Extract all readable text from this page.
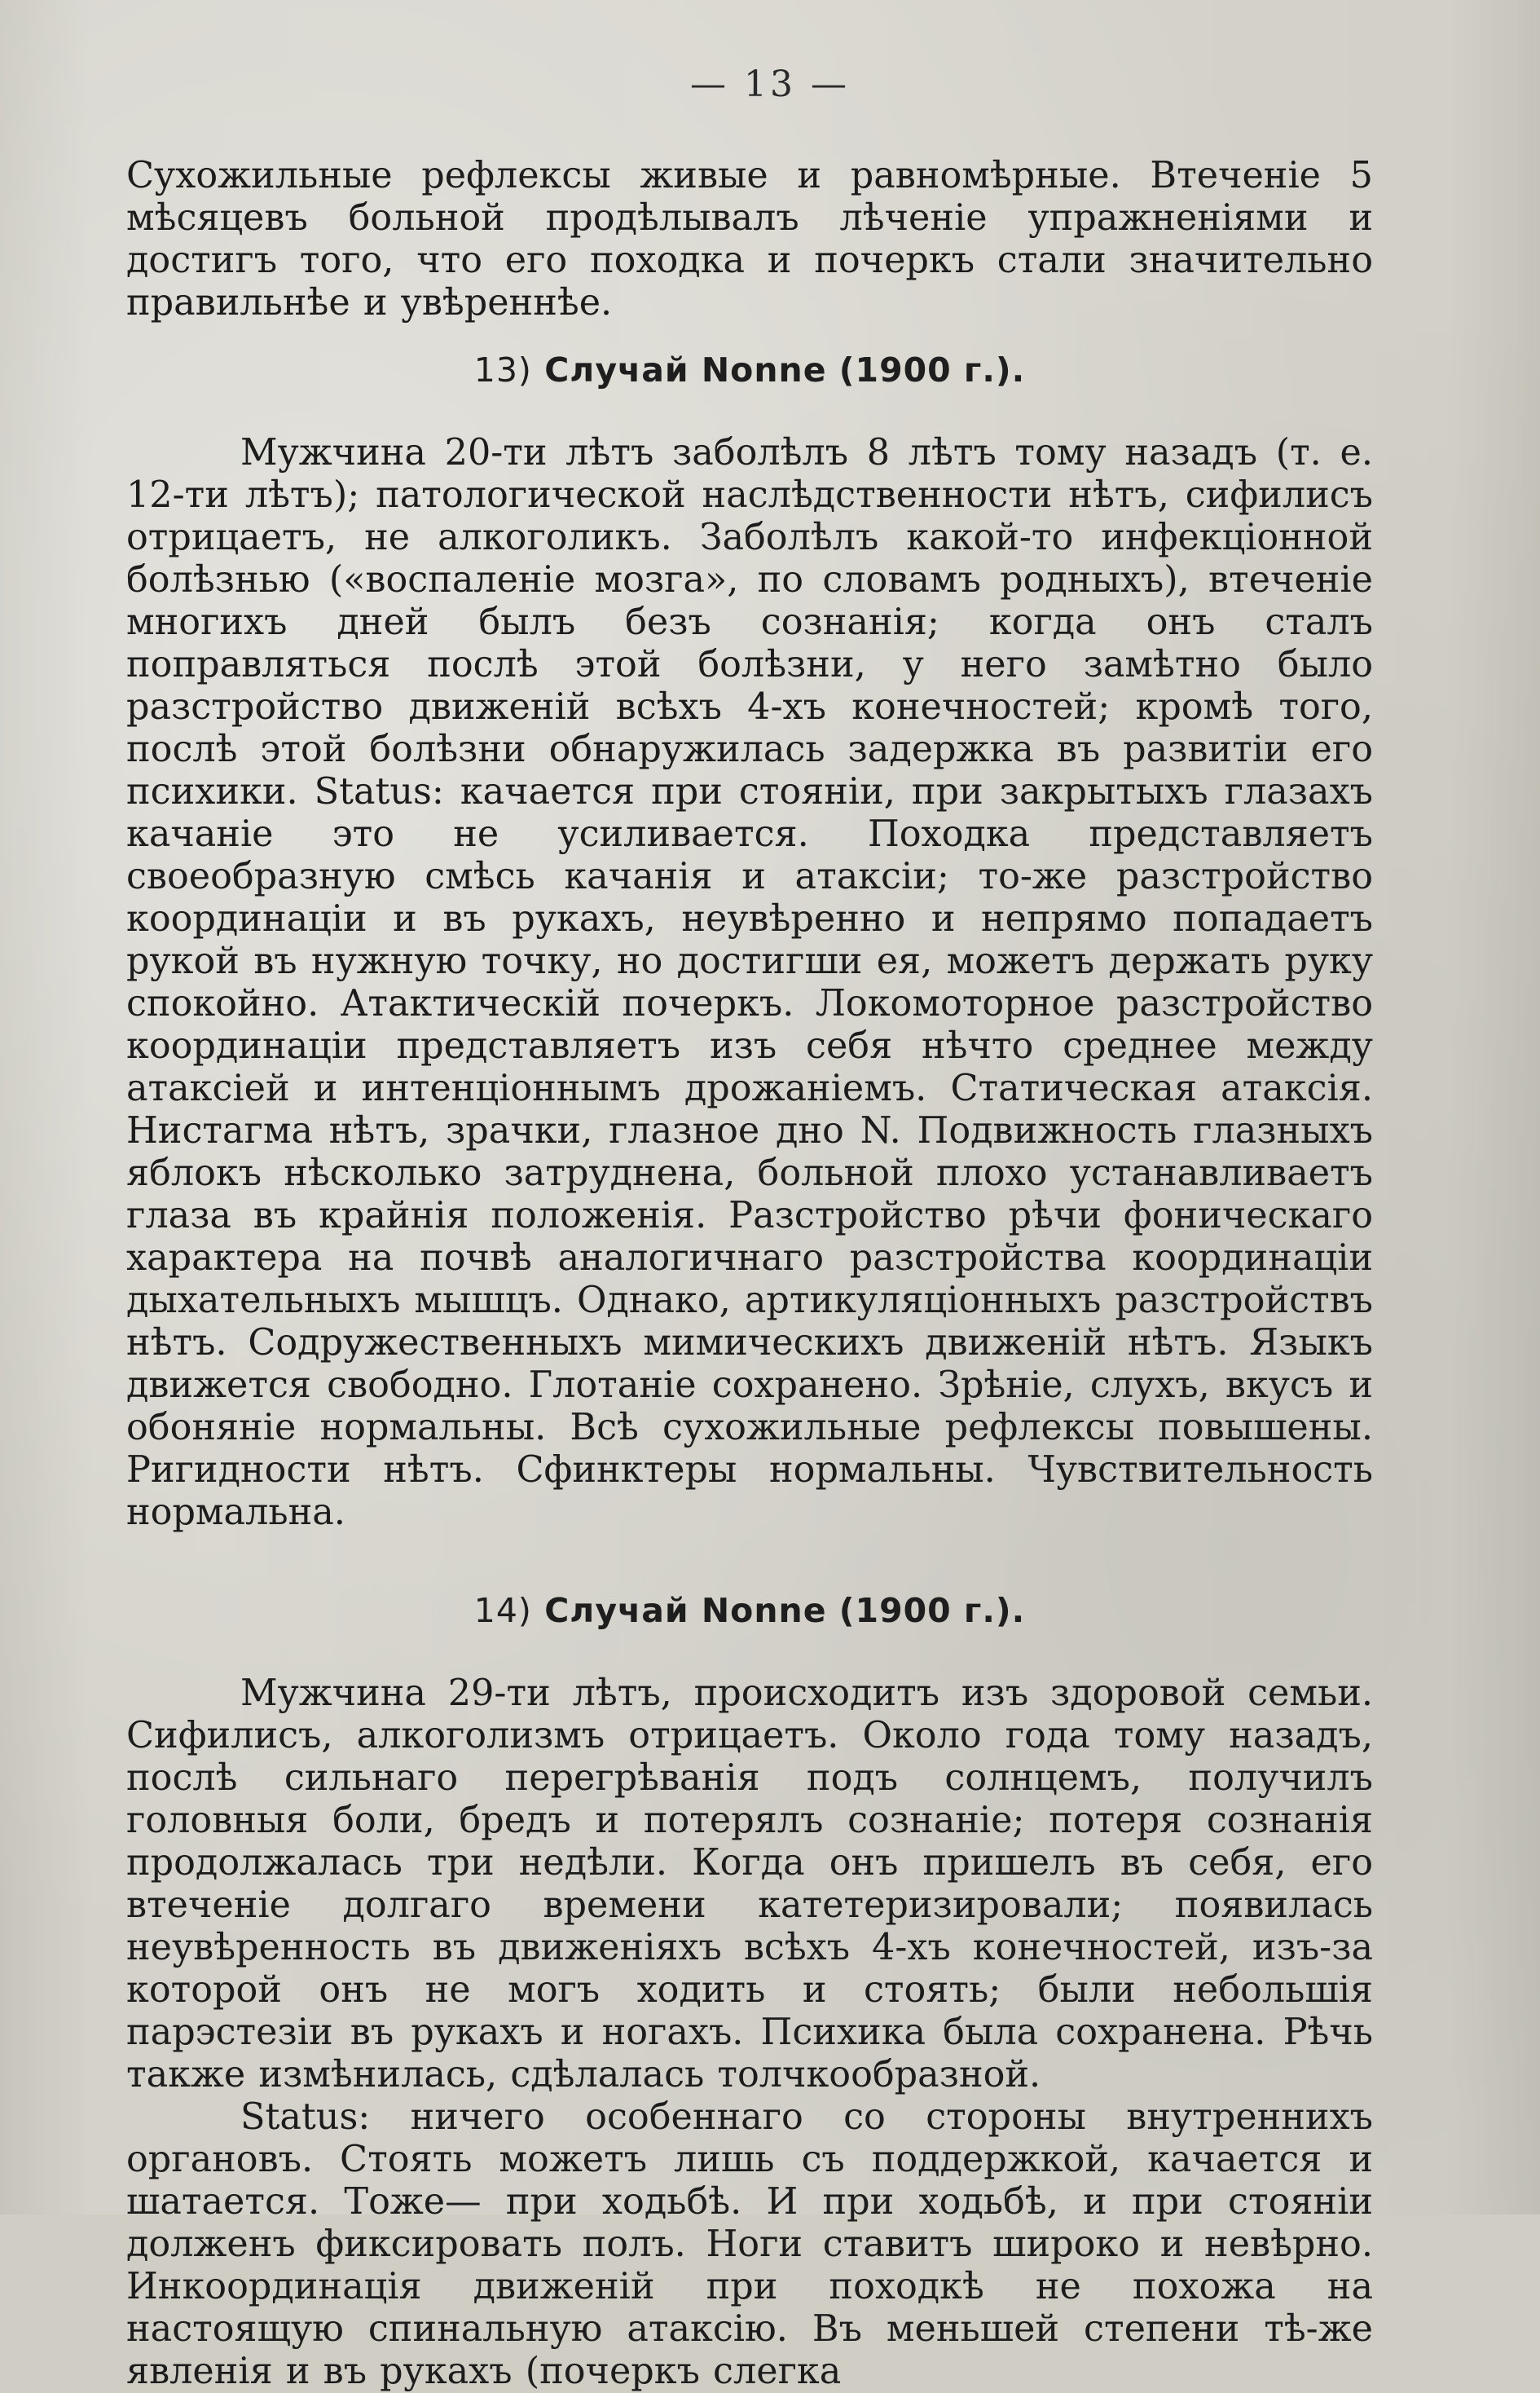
— 13 —

Сухожильные рефлексы живые и равномѣрные. Втеченіе 5 мѣсяцевъ больной продѣлывалъ лѣченіе упражненіями и достигъ того, что его походка и почеркъ стали значительно правильнѣе и увѣреннѣе.

13) Случай Nonne (1900 г.).

Мужчина 20-ти лѣтъ заболѣлъ 8 лѣтъ тому назадъ (т. е. 12-ти лѣтъ); патологической наслѣдственности нѣтъ, сифилисъ отрицаетъ, не алкоголикъ. Заболѣлъ какой-то инфекціонной болѣзнью («воспаленіе мозга», по словамъ родныхъ), втеченіе многихъ дней былъ безъ сознанія; когда онъ сталъ поправляться послѣ этой болѣзни, у него замѣтно было разстройство движеній всѣхъ 4-хъ конечностей; кромѣ того, послѣ этой болѣзни обнаружилась задержка въ развитіи его психики. Status: качается при стояніи, при закрытыхъ глазахъ качаніе это не усиливается. Походка представляетъ своеобразную смѣсь качанія и атаксіи; то-же разстройство координаціи и въ рукахъ, неувѣренно и непрямо попадаетъ рукой въ нужную точку, но достигши ея, можетъ держать руку спокойно. Атактическій почеркъ. Локомоторное разстройство координаціи представляетъ изъ себя нѣчто среднее между атаксіей и интенціоннымъ дрожаніемъ. Статическая атаксія. Нистагма нѣтъ, зрачки, глазное дно N. Подвижность глазныхъ яблокъ нѣсколько затруднена, больной плохо устанавливаетъ глаза въ крайнія положенія. Разстройство рѣчи фоническаго характера на почвѣ аналогичнаго разстройства координаціи дыхательныхъ мышцъ. Однако, артикуляціонныхъ разстройствъ нѣтъ. Содружественныхъ мимическихъ движеній нѣтъ. Языкъ движется свободно. Глотаніе сохранено. Зрѣніе, слухъ, вкусъ и обоняніе нормальны. Всѣ сухожильные рефлексы повышены. Ригидности нѣтъ. Сфинктеры нормальны. Чувствительность нормальна.

14) Случай Nonne (1900 г.).

Мужчина 29-ти лѣтъ, происходитъ изъ здоровой семьи. Сифилисъ, алкоголизмъ отрицаетъ. Около года тому назадъ, послѣ сильнаго перегрѣванія подъ солнцемъ, получилъ головныя боли, бредъ и потерялъ сознаніе; потеря сознанія продолжалась три недѣли. Когда онъ пришелъ въ себя, его втеченіе долгаго времени катетеризировали; появилась неувѣренность въ движеніяхъ всѣхъ 4-хъ конечностей, изъ-за которой онъ не могъ ходить и стоять; были небольшія парэстезіи въ рукахъ и ногахъ. Психика была сохранена. Рѣчь также измѣнилась, сдѣлалась толчкообразной.

Status: ничего особеннаго со стороны внутреннихъ органовъ. Стоять можетъ лишь съ поддержкой, качается и шатается. Тоже— при ходьбѣ. И при ходьбѣ, и при стояніи долженъ фиксировать полъ. Ноги ставитъ широко и невѣрно. Инкоординація движеній при походкѣ не похожа на настоящую спинальную атаксію. Въ меньшей степени тѣ-же явленія и въ рукахъ (почеркъ слегка
